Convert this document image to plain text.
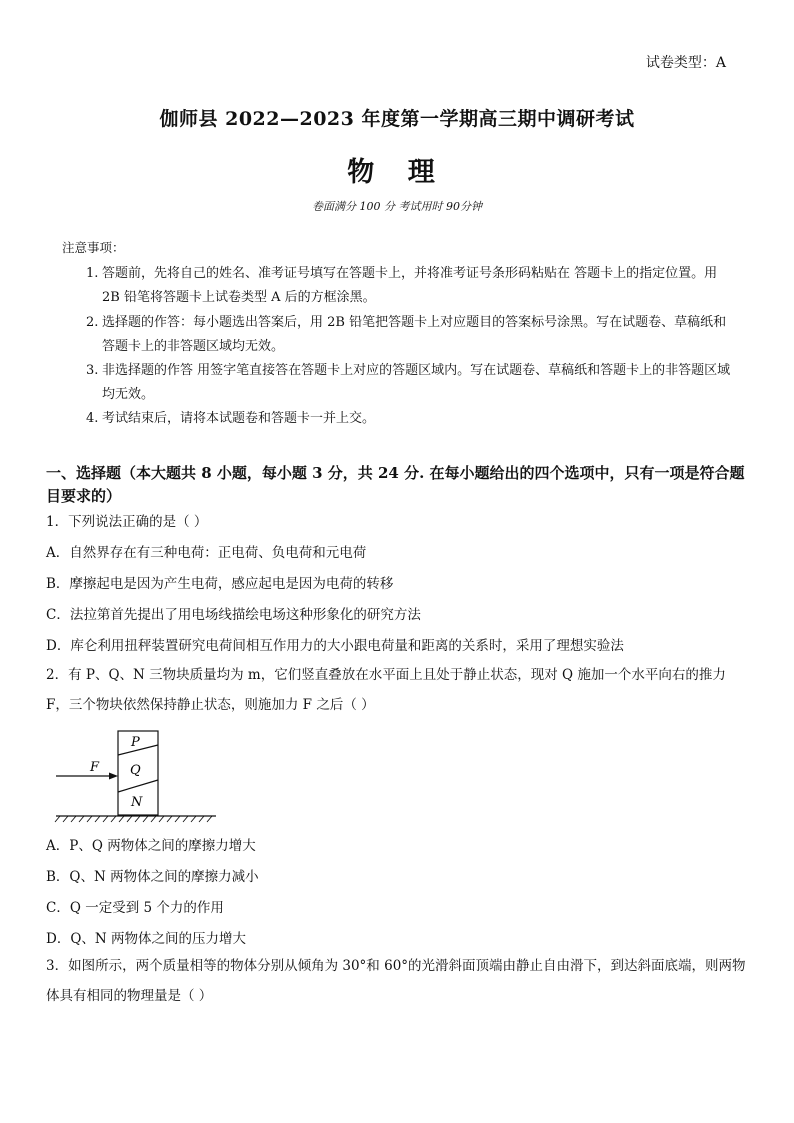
试卷类型：A
伽师县 2022—2023 年度第一学期高三期中调研考试
物 理
卷面满分 100 分 考试用时 90分钟
注意事项：
1. 答题前，先将自己的姓名、准考证号填写在答题卡上，并将准考证号条形码粘贴在 答题卡上的指定位置。用2B 铅笔将答题卡上试卷类型 A 后的方框涂黑。
2. 选择题的作答：每小题选出答案后，用 2B 铅笔把答题卡上对应题目的答案标号涂黑。写在试题卷、草稿纸和答题卡上的非答题区域均无效。
3. 非选择题的作答 用签字笔直接答在答题卡上对应的答题区域内。写在试题卷、草稿纸和答题卡上的非答题区域均无效。
4. 考试结束后，请将本试题卷和答题卡一并上交。
一、选择题（本大题共 8 小题，每小题 3 分，共 24 分. 在每小题给出的四个选项中，只有一项是符合题目要求的）
1．下列说法正确的是（ ）
A．自然界存在有三种电荷：正电荷、负电荷和元电荷
B．摩擦起电是因为产生电荷，感应起电是因为电荷的转移
C．法拉第首先提出了用电场线描绘电场这种形象化的研究方法
D．库仑利用扭秤装置研究电荷间相互作用力的大小跟电荷量和距离的关系时，采用了理想实验法
2．有 P、Q、N 三物块质量均为 m，它们竖直叠放在水平面上且处于静止状态，现对 Q 施加一个水平向右的推力 F，三个物块依然保持静止状态，则施加力 F 之后（ ）
P
Q
N
F
A．P、Q 两物体之间的摩擦力增大
B．Q、N 两物体之间的摩擦力减小
C．Q 一定受到 5 个力的作用
D．Q、N 两物体之间的压力增大
3．如图所示，两个质量相等的物体分别从倾角为 30°和 60°的光滑斜面顶端由静止自由滑下，到达斜面底端，则两物体具有相同的物理量是（ ）
